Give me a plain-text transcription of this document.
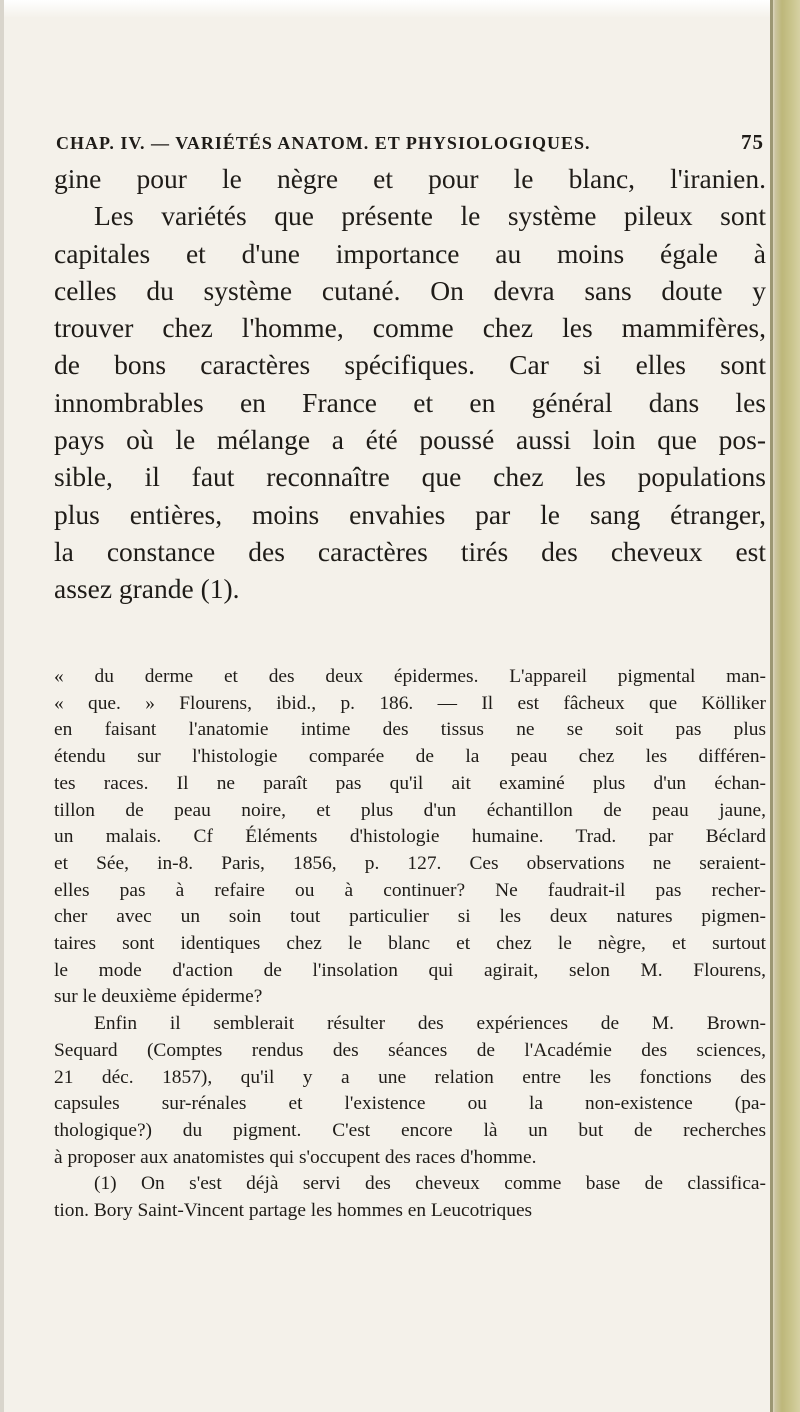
CHAP. IV. — VARIÉTÉS ANATOM. ET PHYSIOLOGIQUES.	75
gine pour le nègre et pour le blanc, l'iranien.
Les variétés que présente le système pileux sont
capitales et d'une importance au moins égale à
celles du système cutané. On devra sans doute y
trouver chez l'homme, comme chez les mammifères,
de bons caractères spécifiques. Car si elles sont
innombrables en France et en général dans les
pays où le mélange a été poussé aussi loin que pos-
sible, il faut reconnaître que chez les populations
plus entières, moins envahies par le sang étranger,
la constance des caractères tirés des cheveux est
assez grande (1).
« du derme et des deux épidermes. L'appareil pigmental man-
« que. » Flourens, ibid., p. 186. — Il est fâcheux que Kölliker
en faisant l'anatomie intime des tissus ne se soit pas plus
étendu sur l'histologie comparée de la peau chez les différen-
tes races. Il ne paraît pas qu'il ait examiné plus d'un échan-
tillon de peau noire, et plus d'un échantillon de peau jaune,
un malais. Cf Éléments d'histologie humaine. Trad. par Béclard
et Sée, in-8. Paris, 1856, p. 127. Ces observations ne seraient-
elles pas à refaire ou à continuer? Ne faudrait-il pas recher-
cher avec un soin tout particulier si les deux natures pigmen-
taires sont identiques chez le blanc et chez le nègre, et surtout
le mode d'action de l'insolation qui agirait, selon M. Flourens,
sur le deuxième épiderme?
Enfin il semblerait résulter des expériences de M. Brown-
Sequard (Comptes rendus des séances de l'Académie des sciences,
21 déc. 1857), qu'il y a une relation entre les fonctions des
capsules sur-rénales et l'existence ou la non-existence (pa-
thologique?) du pigment. C'est encore là un but de recherches
à proposer aux anatomistes qui s'occupent des races d'homme.
(1) On s'est déjà servi des cheveux comme base de classifica-
tion. Bory Saint-Vincent partage les hommes en Leucotriques
